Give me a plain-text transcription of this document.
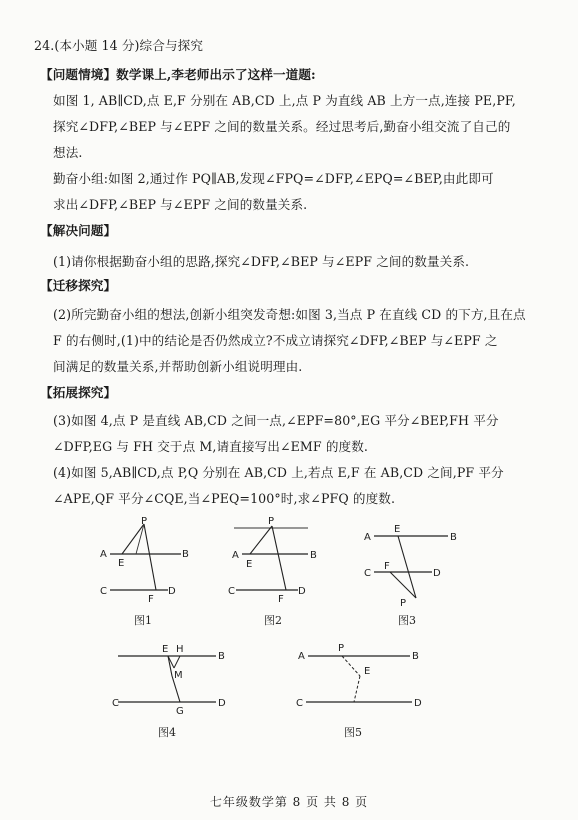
24.(本小题 14 分)综合与探究
【问题情境】数学课上,李老师出示了这样一道题:
如图 1, AB∥CD,点 E,F 分别在 AB,CD 上,点 P 为直线 AB 上方一点,连接 PE,PF,
探究∠DFP,∠BEP 与∠EPF 之间的数量关系。经过思考后,勤奋小组交流了自己的
想法.
勤奋小组:如图 2,通过作 PQ∥AB,发现∠FPQ=∠DFP,∠EPQ=∠BEP,由此即可
求出∠DFP,∠BEP 与∠EPF 之间的数量关系.
【解决问题】
(1)请你根据勤奋小组的思路,探究∠DFP,∠BEP 与∠EPF 之间的数量关系.
【迁移探究】
(2)所完勤奋小组的想法,创新小组突发奇想:如图 3,当点 P 在直线 CD 的下方,且在点
F 的右侧时,(1)中的结论是否仍然成立?不成立请探究∠DFP,∠BEP 与∠EPF 之
间满足的数量关系,并帮助创新小组说明理由.
【拓展探究】
(3)如图 4,点 P 是直线 AB,CD 之间一点,∠EPF=80°,EG 平分∠BEP,FH 平分
∠DFP,EG 与 FH 交于点 M,请直接写出∠EMF 的度数.
(4)如图 5,AB∥CD,点 P,Q 分别在 AB,CD 上,若点 E,F 在 AB,CD 之间,PF 平分
∠APE,QF 平分∠CQE,当∠PEQ=100°时,求∠PFQ 的度数.
P
A
E
B
C
F
D
图1
P
A
E
B
C
F
D
图2
A
E
B
C
F
D
P
图3
E H
B
M
C
G
D
图4
A
P
B
E
C	D
图5
七年级数学第 8 页 共 8 页
